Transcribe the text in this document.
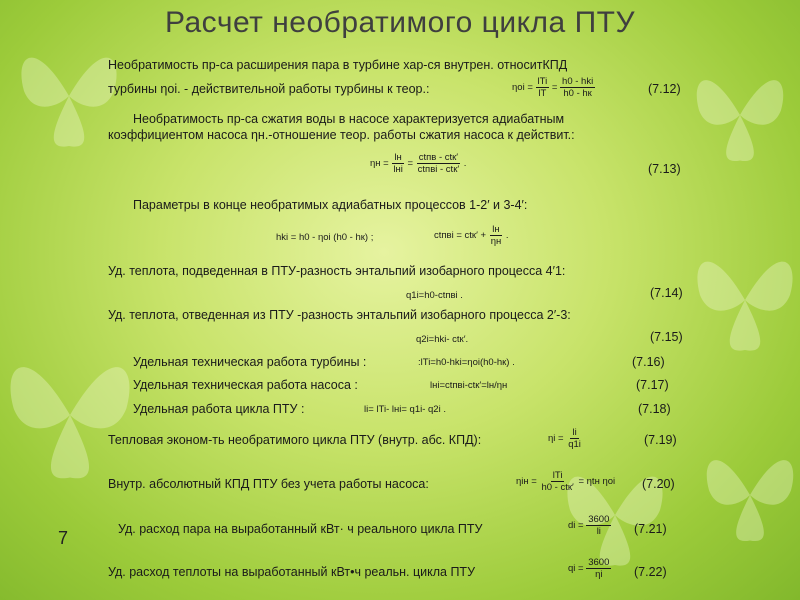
Расчет необратимого цикла ПТУ
Необратимость пр-са расширения пара в турбине хар-ся внутрен. относитКПД
турбины ηoi. - действительной работы турбины к теор.:	ηoi =
lTi
lT
=
h0 - hki
h0 - hк	(7.12)
Необратимость пр-са сжатия воды в насосе характеризуется адиабатным
коэффициентом насоса ηн.-отношение теор. работы сжатия насоса к действит.:
ηн =
lн
lнi
=
ctпв - ctк′
ctпвi - ctк′
.	(7.13)
Параметры в конце необратимых адиабатных процессов 1-2′ и 3-4′:
hki = h0 - ηoi (h0 - hк) ;	ctпвi = ctк′ +
lн
ηн
.
Уд. теплота, подведенная в ПТУ-разность энтальпий изобарного процесса 4′1:
q1i=h0-ctпвi .	(7.14)
Уд. теплота, отведенная из ПТУ -разность энтальпий изобарного процесса 2′-3:
q2i=hki- ctк′.	(7.15)
Удельная техническая работа турбины :	:lTi=h0-hki=ηoi(h0-hк) .	(7.16)
Удельная техническая работа насоса :	lнi=ctпвi-ctк′=lн/ηн	(7.17)
Удельная работа цикла ПТУ :	li= lTi- lнi= q1i- q2i .	(7.18)
Тепловая эконом-ть необратимого цикла ПТУ (внутр. абс. КПД):	$\eta i = \frac{li}{q1i}$	(7.19)
Внутр. абсолютный КПД ПТУ без учета работы насоса:	ηiн =
lTi
h0 - ctк′
= ηtн ηoi (7.20)
Уд. расход пара на выработанный кВт· ч реального цикла ПТУ	di = $\frac{3600}{li} (7.21)$
Уд. расход теплоты на выработанный кВт•ч реальн. цикла ПТУ	qi = $\frac{3600}{\eta i} (7.22)$
7
